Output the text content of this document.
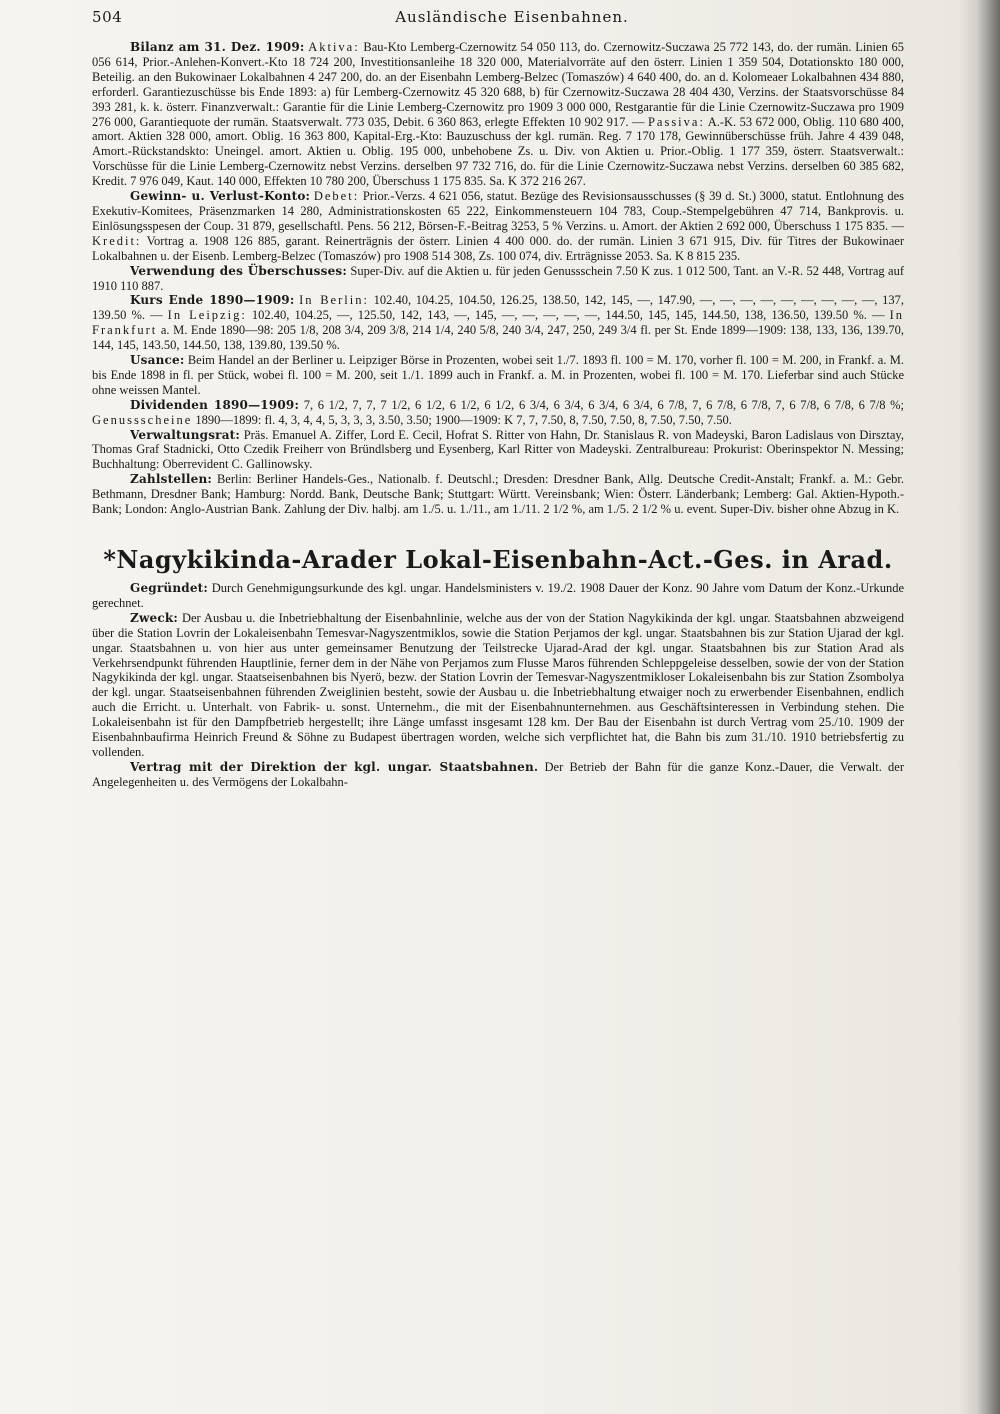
504	Ausländische Eisenbahnen.

Bilanz am 31. Dez. 1909: Aktiva: Bau-Kto Lemberg-Czernowitz 54 050 113, do. Czernowitz-Suczawa 25 772 143, do. der rumän. Linien 65 056 614, Prior.-Anlehen-Konvert.-Kto 18 724 200, Investitionsanleihe 18 320 000, Materialvorräte auf den österr. Linien 1 359 504, Dotationskto 180 000, Beteilig. an den Bukowinaer Lokalbahnen 4 247 200, do. an der Eisenbahn Lemberg-Belzec (Tomaszów) 4 640 400, do. an d. Kolomeaer Lokalbahnen 434 880, erforderl. Garantiezuschüsse bis Ende 1893: a) für Lemberg-Czernowitz 45 320 688, b) für Czernowitz-Suczawa 28 404 430, Verzins. der Staatsvorschüsse 84 393 281, k. k. österr. Finanzverwalt.: Garantie für die Linie Lemberg-Czernowitz pro 1909 3 000 000, Restgarantie für die Linie Czernowitz-Suczawa pro 1909 276 000, Garantiequote der rumän. Staatsverwalt. 773 035, Debit. 6 360 863, erlegte Effekten 10 902 917. — Passiva: A.-K. 53 672 000, Oblig. 110 680 400, amort. Aktien 328 000, amort. Oblig. 16 363 800, Kapital-Erg.-Kto: Bauzuschuss der kgl. rumän. Reg. 7 170 178, Gewinnüberschüsse früh. Jahre 4 439 048, Amort.-Rückstandskto: Uneingel. amort. Aktien u. Oblig. 195 000, unbehobene Zs. u. Div. von Aktien u. Prior.-Oblig. 1 177 359, österr. Staatsverwalt.: Vorschüsse für die Linie Lemberg-Czernowitz nebst Verzins. derselben 97 732 716, do. für die Linie Czernowitz-Suczawa nebst Verzins. derselben 60 385 682, Kredit. 7 976 049, Kaut. 140 000, Effekten 10 780 200, Überschuss 1 175 835. Sa. K 372 216 267.

Gewinn- u. Verlust-Konto: Debet: Prior.-Verzs. 4 621 056, statut. Bezüge des Revisionsausschusses (§ 39 d. St.) 3000, statut. Entlohnung des Exekutiv-Komitees, Präsenzmarken 14 280, Administrationskosten 65 222, Einkommensteuern 104 783, Coup.-Stempelgebühren 47 714, Bankprovis. u. Einlösungsspesen der Coup. 31 879, gesellschaftl. Pens. 56 212, Börsen-F.-Beitrag 3253, 5 % Verzins. u. Amort. der Aktien 2 692 000, Überschuss 1 175 835. — Kredit: Vortrag a. 1908 126 885, garant. Reinerträgnis der österr. Linien 4 400 000. do. der rumän. Linien 3 671 915, Div. für Titres der Bukowinaer Lokalbahnen u. der Eisenb. Lemberg-Belzec (Tomaszów) pro 1908 514 308, Zs. 100 074, div. Erträgnisse 2053. Sa. K 8 815 235.

Verwendung des Überschusses: Super-Div. auf die Aktien u. für jeden Genussschein 7.50 K zus. 1 012 500, Tant. an V.-R. 52 448, Vortrag auf 1910 110 887.

Kurs Ende 1890—1909: In Berlin: 102.40, 104.25, 104.50, 126.25, 138.50, 142, 145, —, 147.90, —, —, —, —, —, —, —, —, —, 137, 139.50 %. — In Leipzig: 102.40, 104.25, —, 125.50, 142, 143, —, 145, —, —, —, —, —, 144.50, 145, 145, 144.50, 138, 136.50, 139.50 %. — In Frankfurt a. M. Ende 1890—98: 205 1/8, 208 3/4, 209 3/8, 214 1/4, 240 5/8, 240 3/4, 247, 250, 249 3/4 fl. per St. Ende 1899—1909: 138, 133, 136, 139.70, 144, 145, 143.50, 144.50, 138, 139.80, 139.50 %.

Usance: Beim Handel an der Berliner u. Leipziger Börse in Prozenten, wobei seit 1./7. 1893 fl. 100 = M. 170, vorher fl. 100 = M. 200, in Frankf. a. M. bis Ende 1898 in fl. per Stück, wobei fl. 100 = M. 200, seit 1./1. 1899 auch in Frankf. a. M. in Prozenten, wobei fl. 100 = M. 170. Lieferbar sind auch Stücke ohne weissen Mantel.

Dividenden 1890—1909: 7, 6 1/2, 7, 7, 7 1/2, 6 1/2, 6 1/2, 6 1/2, 6 3/4, 6 3/4, 6 3/4, 6 3/4, 6 7/8, 7, 6 7/8, 6 7/8, 7, 6 7/8, 6 7/8, 6 7/8 %; Genussscheine 1890—1899: fl. 4, 3, 4, 4, 5, 3, 3, 3, 3.50, 3.50; 1900—1909: K 7, 7, 7.50, 8, 7.50, 7.50, 8, 7.50, 7.50, 7.50.

Verwaltungsrat: Präs. Emanuel A. Ziffer, Lord E. Cecil, Hofrat S. Ritter von Hahn, Dr. Stanislaus R. von Madeyski, Baron Ladislaus von Dirsztay, Thomas Graf Stadnicki, Otto Czedik Freiherr von Bründlsberg und Eysenberg, Karl Ritter von Madeyski. Zentralbureau: Prokurist: Oberinspektor N. Messing; Buchhaltung: Oberrevident C. Gallinowsky.

Zahlstellen: Berlin: Berliner Handels-Ges., Nationalb. f. Deutschl.; Dresden: Dresdner Bank, Allg. Deutsche Credit-Anstalt; Frankf. a. M.: Gebr. Bethmann, Dresdner Bank; Hamburg: Nordd. Bank, Deutsche Bank; Stuttgart: Württ. Vereinsbank; Wien: Österr. Länderbank; Lemberg: Gal. Aktien-Hypoth.-Bank; London: Anglo-Austrian Bank. Zahlung der Div. halbj. am 1./5. u. 1./11., am 1./11. 2 1/2 %, am 1./5. 2 1/2 % u. event. Super-Div. bisher ohne Abzug in K.

*Nagykikinda-Arader Lokal-Eisenbahn-Act.-Ges. in Arad.

Gegründet: Durch Genehmigungsurkunde des kgl. ungar. Handelsministers v. 19./2. 1908 Dauer der Konz. 90 Jahre vom Datum der Konz.-Urkunde gerechnet.

Zweck: Der Ausbau u. die Inbetriebhaltung der Eisenbahnlinie, welche aus der von der Station Nagykikinda der kgl. ungar. Staatsbahnen abzweigend über die Station Lovrin der Lokaleisenbahn Temesvar-Nagyszentmiklos, sowie die Station Perjamos der kgl. ungar. Staatsbahnen bis zur Station Ujarad der kgl. ungar. Staatsbahnen u. von hier aus unter gemeinsamer Benutzung der Teilstrecke Ujarad-Arad der kgl. ungar. Staatsbahnen bis zur Station Arad als Verkehrsendpunkt führenden Hauptlinie, ferner dem in der Nähe von Perjamos zum Flusse Maros führenden Schleppgeleise desselben, sowie der von der Station Nagykikinda der kgl. ungar. Staatseisenbahnen bis Nyerö, bezw. der Station Lovrin der Temesvar-Nagyszentmikloser Lokaleisenbahn bis zur Station Zsombolya der kgl. ungar. Staatseisenbahnen führenden Zweiglinien besteht, sowie der Ausbau u. die Inbetriebhaltung etwaiger noch zu erwerbender Eisenbahnen, endlich auch die Erricht. u. Unterhalt. von Fabrik- u. sonst. Unternehm., die mit der Eisenbahnunternehmen. aus Geschäftsinteressen in Verbindung stehen. Die Lokaleisenbahn ist für den Dampfbetrieb hergestellt; ihre Länge umfasst insgesamt 128 km. Der Bau der Eisenbahn ist durch Vertrag vom 25./10. 1909 der Eisenbahnbaufirma Heinrich Freund & Söhne zu Budapest übertragen worden, welche sich verpflichtet hat, die Bahn bis zum 31./10. 1910 betriebsfertig zu vollenden.

Vertrag mit der Direktion der kgl. ungar. Staatsbahnen. Der Betrieb der Bahn für die ganze Konz.-Dauer, die Verwalt. der Angelegenheiten u. des Vermögens der Lokalbahn-
